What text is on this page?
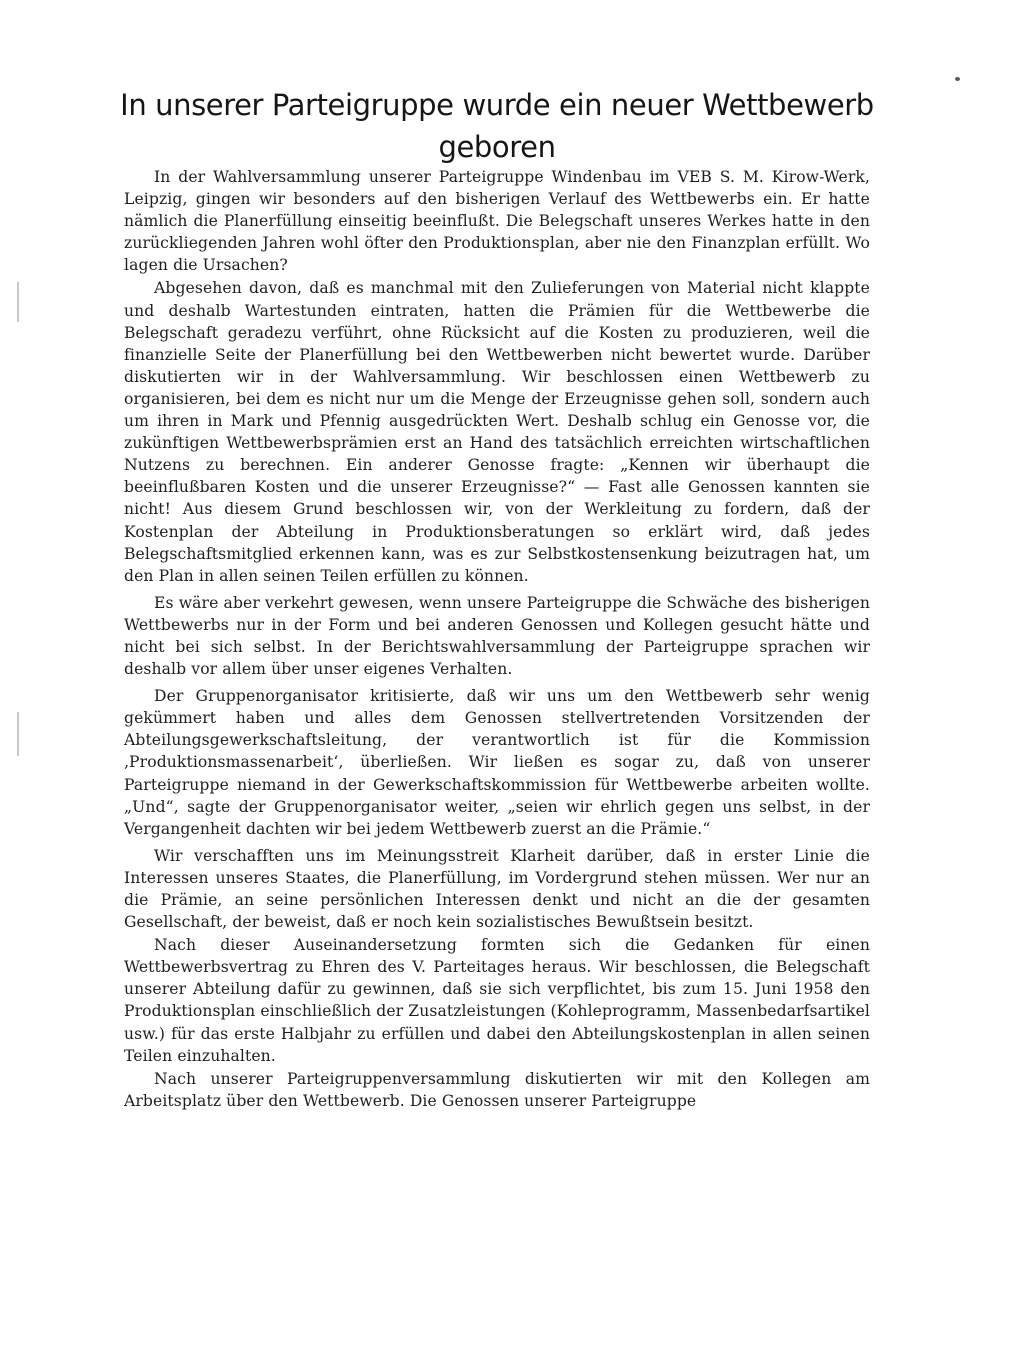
In unserer Parteigruppe wurde ein neuer Wettbewerb geboren

In der Wahlversammlung unserer Parteigruppe Windenbau im VEB S. M. Kirow-Werk, Leipzig, gingen wir besonders auf den bisherigen Verlauf des Wettbewerbs ein. Er hatte nämlich die Planerfüllung einseitig beeinflußt. Die Belegschaft unseres Werkes hatte in den zurückliegenden Jahren wohl öfter den Produktionsplan, aber nie den Finanzplan erfüllt. Wo lagen die Ursachen?

Abgesehen davon, daß es manchmal mit den Zulieferungen von Material nicht klappte und deshalb Wartestunden eintraten, hatten die Prämien für die Wettbewerbe die Belegschaft geradezu verführt, ohne Rücksicht auf die Kosten zu produzieren, weil die finanzielle Seite der Planerfüllung bei den Wettbewerben nicht bewertet wurde. Darüber diskutierten wir in der Wahlversammlung. Wir beschlossen einen Wettbewerb zu organisieren, bei dem es nicht nur um die Menge der Erzeugnisse gehen soll, sondern auch um ihren in Mark und Pfennig ausgedrückten Wert. Deshalb schlug ein Genosse vor, die zukünftigen Wettbewerbsprämien erst an Hand des tatsächlich erreichten wirtschaftlichen Nutzens zu berechnen. Ein anderer Genosse fragte: „Kennen wir überhaupt die beeinflußbaren Kosten und die unserer Erzeugnisse?“ — Fast alle Genossen kannten sie nicht! Aus diesem Grund beschlossen wir, von der Werkleitung zu fordern, daß der Kostenplan der Abteilung in Produktionsberatungen so erklärt wird, daß jedes Belegschaftsmitglied erkennen kann, was es zur Selbstkostensenkung beizutragen hat, um den Plan in allen seinen Teilen erfüllen zu können.

Es wäre aber verkehrt gewesen, wenn unsere Parteigruppe die Schwäche des bisherigen Wettbewerbs nur in der Form und bei anderen Genossen und Kollegen gesucht hätte und nicht bei sich selbst. In der Berichtswahlversammlung der Parteigruppe sprachen wir deshalb vor allem über unser eigenes Verhalten.

Der Gruppenorganisator kritisierte, daß wir uns um den Wettbewerb sehr wenig gekümmert haben und alles dem Genossen stellvertretenden Vorsitzenden der Abteilungsgewerkschaftsleitung, der verantwortlich ist für die Kommission ‚Produktionsmassenarbeit‘, überließen. Wir ließen es sogar zu, daß von unserer Parteigruppe niemand in der Gewerkschaftskommission für Wettbewerbe arbeiten wollte. „Und“, sagte der Gruppenorganisator weiter, „seien wir ehrlich gegen uns selbst, in der Vergangenheit dachten wir bei jedem Wettbewerb zuerst an die Prämie.“

Wir verschafften uns im Meinungsstreit Klarheit darüber, daß in erster Linie die Interessen unseres Staates, die Planerfüllung, im Vordergrund stehen müssen. Wer nur an die Prämie, an seine persönlichen Interessen denkt und nicht an die der gesamten Gesellschaft, der beweist, daß er noch kein sozialistisches Bewußtsein besitzt.

Nach dieser Auseinandersetzung formten sich die Gedanken für einen Wettbewerbsvertrag zu Ehren des V. Parteitages heraus. Wir beschlossen, die Belegschaft unserer Abteilung dafür zu gewinnen, daß sie sich verpflichtet, bis zum 15. Juni 1958 den Produktionsplan einschließlich der Zusatzleistungen (Kohleprogramm, Massenbedarfsartikel usw.) für das erste Halbjahr zu erfüllen und dabei den Abteilungskostenplan in allen seinen Teilen einzuhalten.

Nach unserer Parteigruppenversammlung diskutierten wir mit den Kollegen am Arbeitsplatz über den Wettbewerb. Die Genossen unserer Parteigruppe
